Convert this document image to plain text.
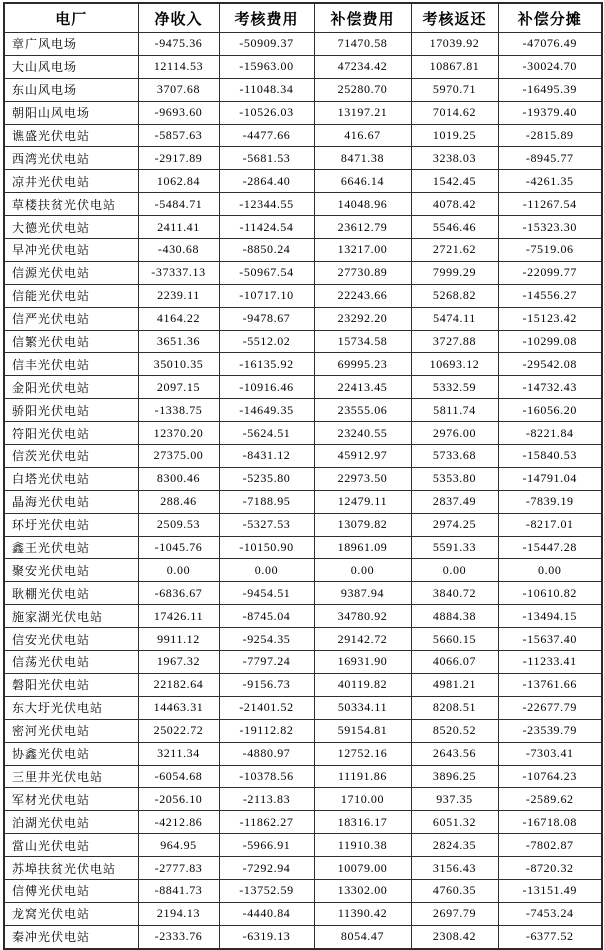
电厂	净收入	考核费用	补偿费用	考核返还	补偿分摊
章广风电场	-9475.36	-50909.37	71470.58	17039.92	-47076.49
大山风电场	12114.53	-15963.00	47234.42	10867.81	-30024.70
东山风电场	3707.68	-11048.34	25280.70	5970.71	-16495.39
朝阳山风电场	-9693.60	-10526.03	13197.21	7014.62	-19379.40
谯盛光伏电站	-5857.63	-4477.66	416.67	1019.25	-2815.89
西湾光伏电站	-2917.89	-5681.53	8471.38	3238.03	-8945.77
凉井光伏电站	1062.84	-2864.40	6646.14	1542.45	-4261.35
草楼扶贫光伏电站	-5484.71	-12344.55	14048.96	4078.42	-11267.54
大德光伏电站	2411.41	-11424.54	23612.79	5546.46	-15323.30
早冲光伏电站	-430.68	-8850.24	13217.00	2721.62	-7519.06
信源光伏电站	-37337.13	-50967.54	27730.89	7999.29	-22099.77
信能光伏电站	2239.11	-10717.10	22243.66	5268.82	-14556.27
信严光伏电站	4164.22	-9478.67	23292.20	5474.11	-15123.42
信繁光伏电站	3651.36	-5512.02	15734.58	3727.88	-10299.08
信丰光伏电站	35010.35	-16135.92	69995.23	10693.12	-29542.08
金阳光伏电站	2097.15	-10916.46	22413.45	5332.59	-14732.43
骄阳光伏电站	-1338.75	-14649.35	23555.06	5811.74	-16056.20
符阳光伏电站	12370.20	-5624.51	23240.55	2976.00	-8221.84
信茨光伏电站	27375.00	-8431.12	45912.97	5733.68	-15840.53
白塔光伏电站	8300.46	-5235.80	22973.50	5353.80	-14791.04
晶海光伏电站	288.46	-7188.95	12479.11	2837.49	-7839.19
环圩光伏电站	2509.53	-5327.53	13079.82	2974.25	-8217.01
鑫王光伏电站	-1045.76	-10150.90	18961.09	5591.33	-15447.28
聚安光伏电站	0.00	0.00	0.00	0.00	0.00
耿棚光伏电站	-6836.67	-9454.51	9387.94	3840.72	-10610.82
施家湖光伏电站	17426.11	-8745.04	34780.92	4884.38	-13494.15
信安光伏电站	9911.12	-9254.35	29142.72	5660.15	-15637.40
信荡光伏电站	1967.32	-7797.24	16931.90	4066.07	-11233.41
磐阳光伏电站	22182.64	-9156.73	40119.82	4981.21	-13761.66
东大圩光伏电站	14463.31	-21401.52	50334.11	8208.51	-22677.79
密河光伏电站	25022.72	-19112.82	59154.81	8520.52	-23539.79
协鑫光伏电站	3211.34	-4880.97	12752.16	2643.56	-7303.41
三里井光伏电站	-6054.68	-10378.56	11191.86	3896.25	-10764.23
军材光伏电站	-2056.10	-2113.83	1710.00	937.35	-2589.62
泊湖光伏电站	-4212.86	-11862.27	18316.17	6051.32	-16718.08
當山光伏电站	964.95	-5966.91	11910.38	2824.35	-7802.87
苏埠扶贫光伏电站	-2777.83	-7292.94	10079.00	3156.43	-8720.32
信傅光伏电站	-8841.73	-13752.59	13302.00	4760.35	-13151.49
龙窝光伏电站	2194.13	-4440.84	11390.42	2697.79	-7453.24
秦冲光伏电站	-2333.76	-6319.13	8054.47	2308.42	-6377.52
